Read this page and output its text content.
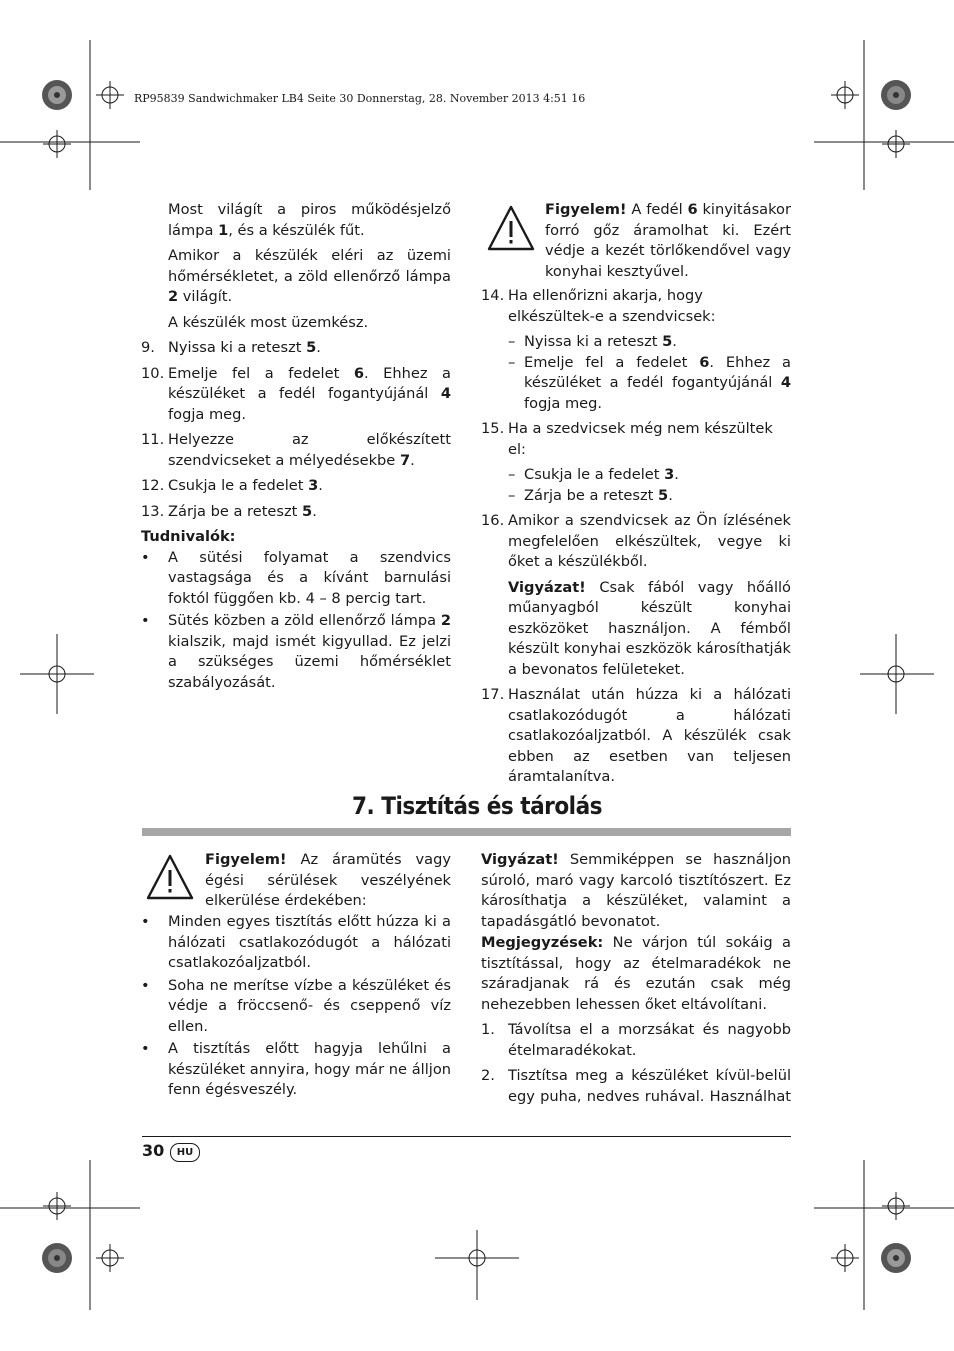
RP95839 Sandwichmaker LB4 Seite 30 Donnerstag, 28. November 2013 4:51 16

Most világít a piros működésjelző lámpa 1, és a készülék fűt.

Amikor a készülék eléri az üzemi hőmérsékletet, a zöld ellenőrző lámpa 2 világít.

A készülék most üzemkész.

9. Nyissa ki a reteszt 5.
10. Emelje fel a fedelet 6. Ehhez a készüléket a fedél fogantyújánál 4 fogja meg.
11. Helyezze az előkészített szendvicseket a mélyedésekbe 7.
12. Csukja le a fedelet 3.
13. Zárja be a reteszt 5.

Tudnivalók:

• A sütési folyamat a szendvics vastagsága és a kívánt barnulási foktól függően kb. 4 – 8 percig tart.
• Sütés közben a zöld ellenőrző lámpa 2 kialszik, majd ismét kigyullad. Ez jelzi a szükséges üzemi hőmérséklet szabályozását.
Figyelem! A fedél 6 kinyitásakor forró gőz áramolhat ki. Ezért védje a kezét törlőkendővel vagy konyhai kesztyűvel.
14. Ha ellenőrizni akarja, hogy elkészültek-e a szendvicsek:
– Nyissa ki a reteszt 5.
– Emelje fel a fedelet 6. Ehhez a készüléket a fedél fogantyújánál 4 fogja meg.
15. Ha a szedvicsek még nem készültek el:
– Csukja le a fedelet 3.
– Zárja be a reteszt 5.
16. Amikor a szendvicsek az Ön ízlésének megfelelően elkészültek, vegye ki őket a készülékből.

Vigyázat! Csak fából vagy hőálló műanyagból készült konyhai eszközöket használjon. A fémből készült konyhai eszközök károsíthatják a bevonatos felületeket.

17. Használat után húzza ki a hálózati csatlakozódugót a hálózati csatlakozóaljzatból. A készülék csak ebben az esetben van teljesen áramtalanítva.
7. Tisztítás és tárolás
Figyelem! Az áramütés vagy égési sérülések veszélyének elkerülése érdekében:
• Minden egyes tisztítás előtt húzza ki a hálózati csatlakozódugót a hálózati csatlakozóaljzatból.
• Soha ne merítse vízbe a készüléket és védje a fröccsenő- és cseppenő víz ellen.
• A tisztítás előtt hagyja lehűlni a készüléket annyira, hogy már ne álljon fenn égésveszély.

Vigyázat! Semmiképpen se használjon súroló, maró vagy karcoló tisztítószert. Ez károsíthatja a készüléket, valamint a tapadásgátló bevonatot.

Megjegyzések: Ne várjon túl sokáig a tisztítással, hogy az ételmaradékok ne száradjanak rá és ezután csak még nehezebben lehessen őket eltávolítani.

1. Távolítsa el a morzsákat és nagyobb ételmaradékokat.
2. Tisztítsa meg a készüléket kívül-belül egy puha, nedves ruhával. Használhat
30	HU
